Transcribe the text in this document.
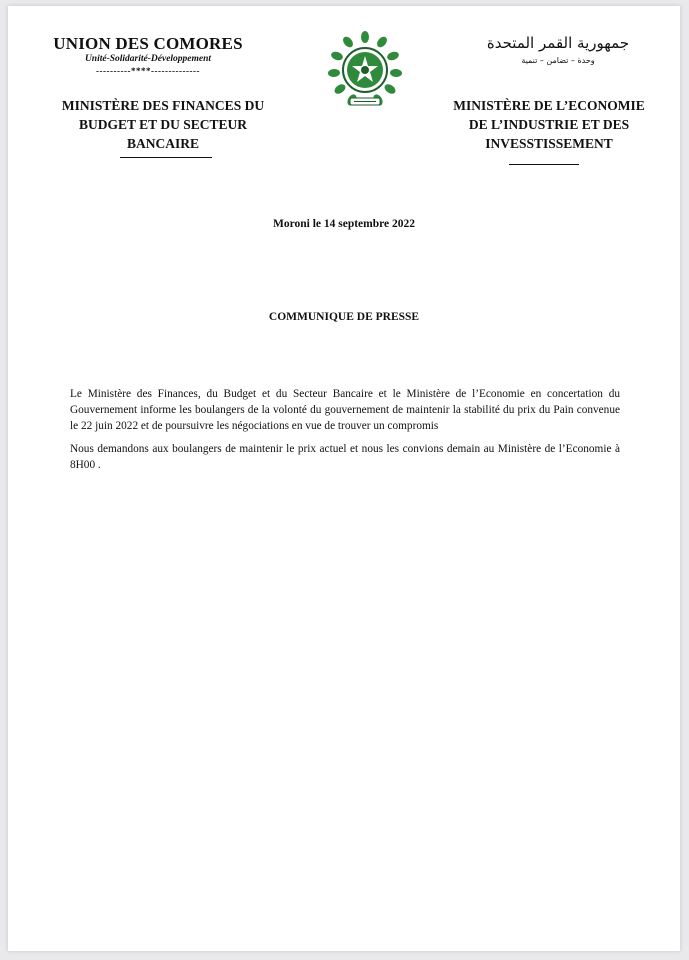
UNION DES COMORES
Unité-Solidarité-Développement
----------****--------------
جمهورية القمر المتحدة
وحدة – تضامن – تنمية
MINISTÈRE DES FINANCES DU
BUDGET ET DU SECTEUR
BANCAIRE
MINISTÈRE DE L’ECONOMIE
DE L’INDUSTRIE ET DES
INVESSTISSEMENT
Moroni le 14 septembre 2022
COMMUNIQUE DE PRESSE

Le Ministère des Finances, du Budget et du Secteur Bancaire et le Ministère de l’Economie en concertation du Gouvernement informe les boulangers de la volonté du gouvernement de maintenir la stabilité du prix du Pain convenue le 22 juin 2022 et de poursuivre les négociations en vue de trouver un compromis

Nous demandons aux boulangers de maintenir le prix actuel et nous les convions demain au Ministère de l’Economie à 8H00 .
